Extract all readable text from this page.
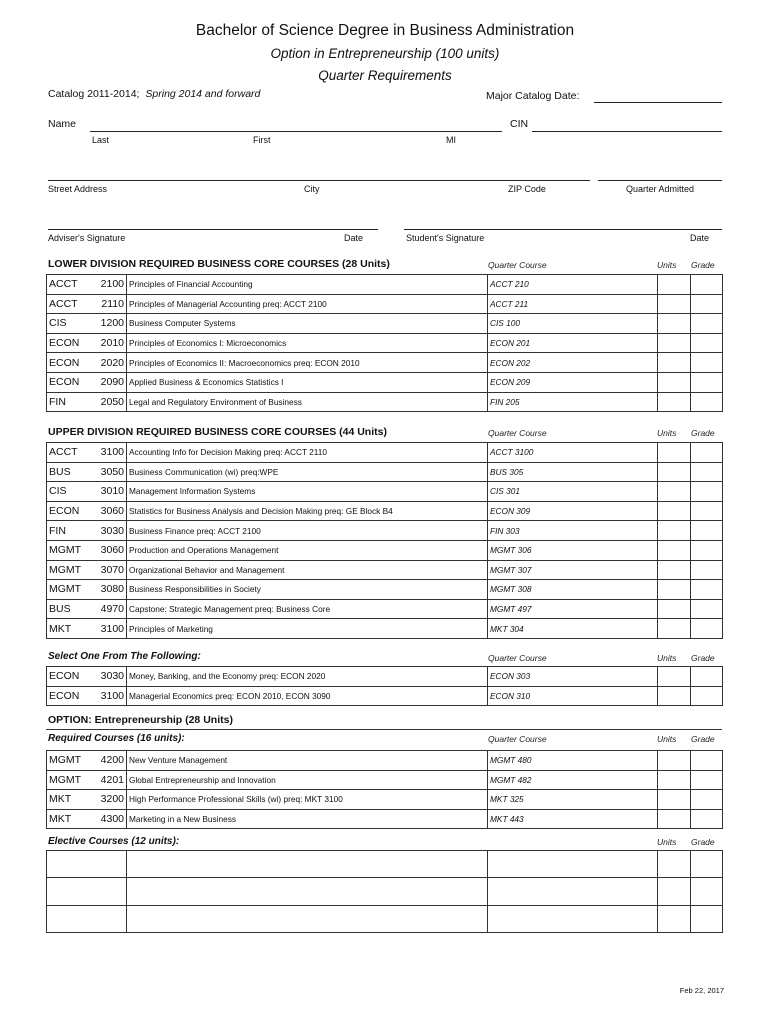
Bachelor of Science Degree in Business Administration
Option in Entrepreneurship (100 units)
Quarter Requirements
Catalog 2011-2014; Spring 2014 and forward	Major Catalog Date:
Name	CIN
Last	First	MI
Street Address	City	ZIP Code	Quarter Admitted
Adviser's Signature	Date	Student's Signature	Date
LOWER DIVISION REQUIRED BUSINESS CORE COURSES (28 Units)	Quarter Course	Units Grade
ACCT	2100	Principles of Financial Accounting	ACCT 210		
ACCT	2110	Principles of Managerial Accounting preq: ACCT 2100	ACCT 211		
CIS	1200	Business Computer Systems	CIS 100		
ECON	2010	Principles of Economics I: Microeconomics	ECON 201		
ECON	2020	Principles of Economics II: Macroeconomics preq: ECON 2010	ECON 202		
ECON	2090	Applied Business & Economics Statistics I	ECON 209		
FIN	2050	Legal and Regulatory Environment of Business	FIN 205		
UPPER DIVISION REQUIRED BUSINESS CORE COURSES (44 Units)	Quarter Course	Units Grade
ACCT	3100	Accounting Info for Decision Making preq: ACCT 2110	ACCT 3100		
BUS	3050	Business Communication (wi) preq:WPE	BUS 305		
CIS	3010	Management Information Systems	CIS 301		
ECON	3060	Statistics for Business Analysis and Decision Making preq: GE Block B4	ECON 309		
FIN	3030	Business Finance preq: ACCT 2100	FIN 303		
MGMT	3060	Production and Operations Management	MGMT 306		
MGMT	3070	Organizational Behavior and Management	MGMT 307		
MGMT	3080	Business Responsibilities in Society	MGMT 308		
BUS	4970	Capstone: Strategic Management preq: Business Core	MGMT 497		
MKT	3100	Principles of Marketing	MKT 304		
Select One From The Following:	Quarter Course	Units Grade
ECON	3030	Money, Banking, and the Economy preq: ECON 2020	ECON 303		
ECON	3100	Managerial Economics preq: ECON 2010, ECON 3090	ECON 310		
OPTION: Entrepreneurship (28 Units)
Required Courses (16 units):	Quarter Course	Units Grade
MGMT	4200	New Venture Management	MGMT 480		
MGMT	4201	Global Entrepreneurship and Innovation	MGMT 482		
MKT	3200	High Performance Professional Skills (wi) preq: MKT 3100	MKT 325		
MKT	4300	Marketing in a New Business	MKT 443		
Elective Courses (12 units):	Units Grade

Feb 22, 2017
